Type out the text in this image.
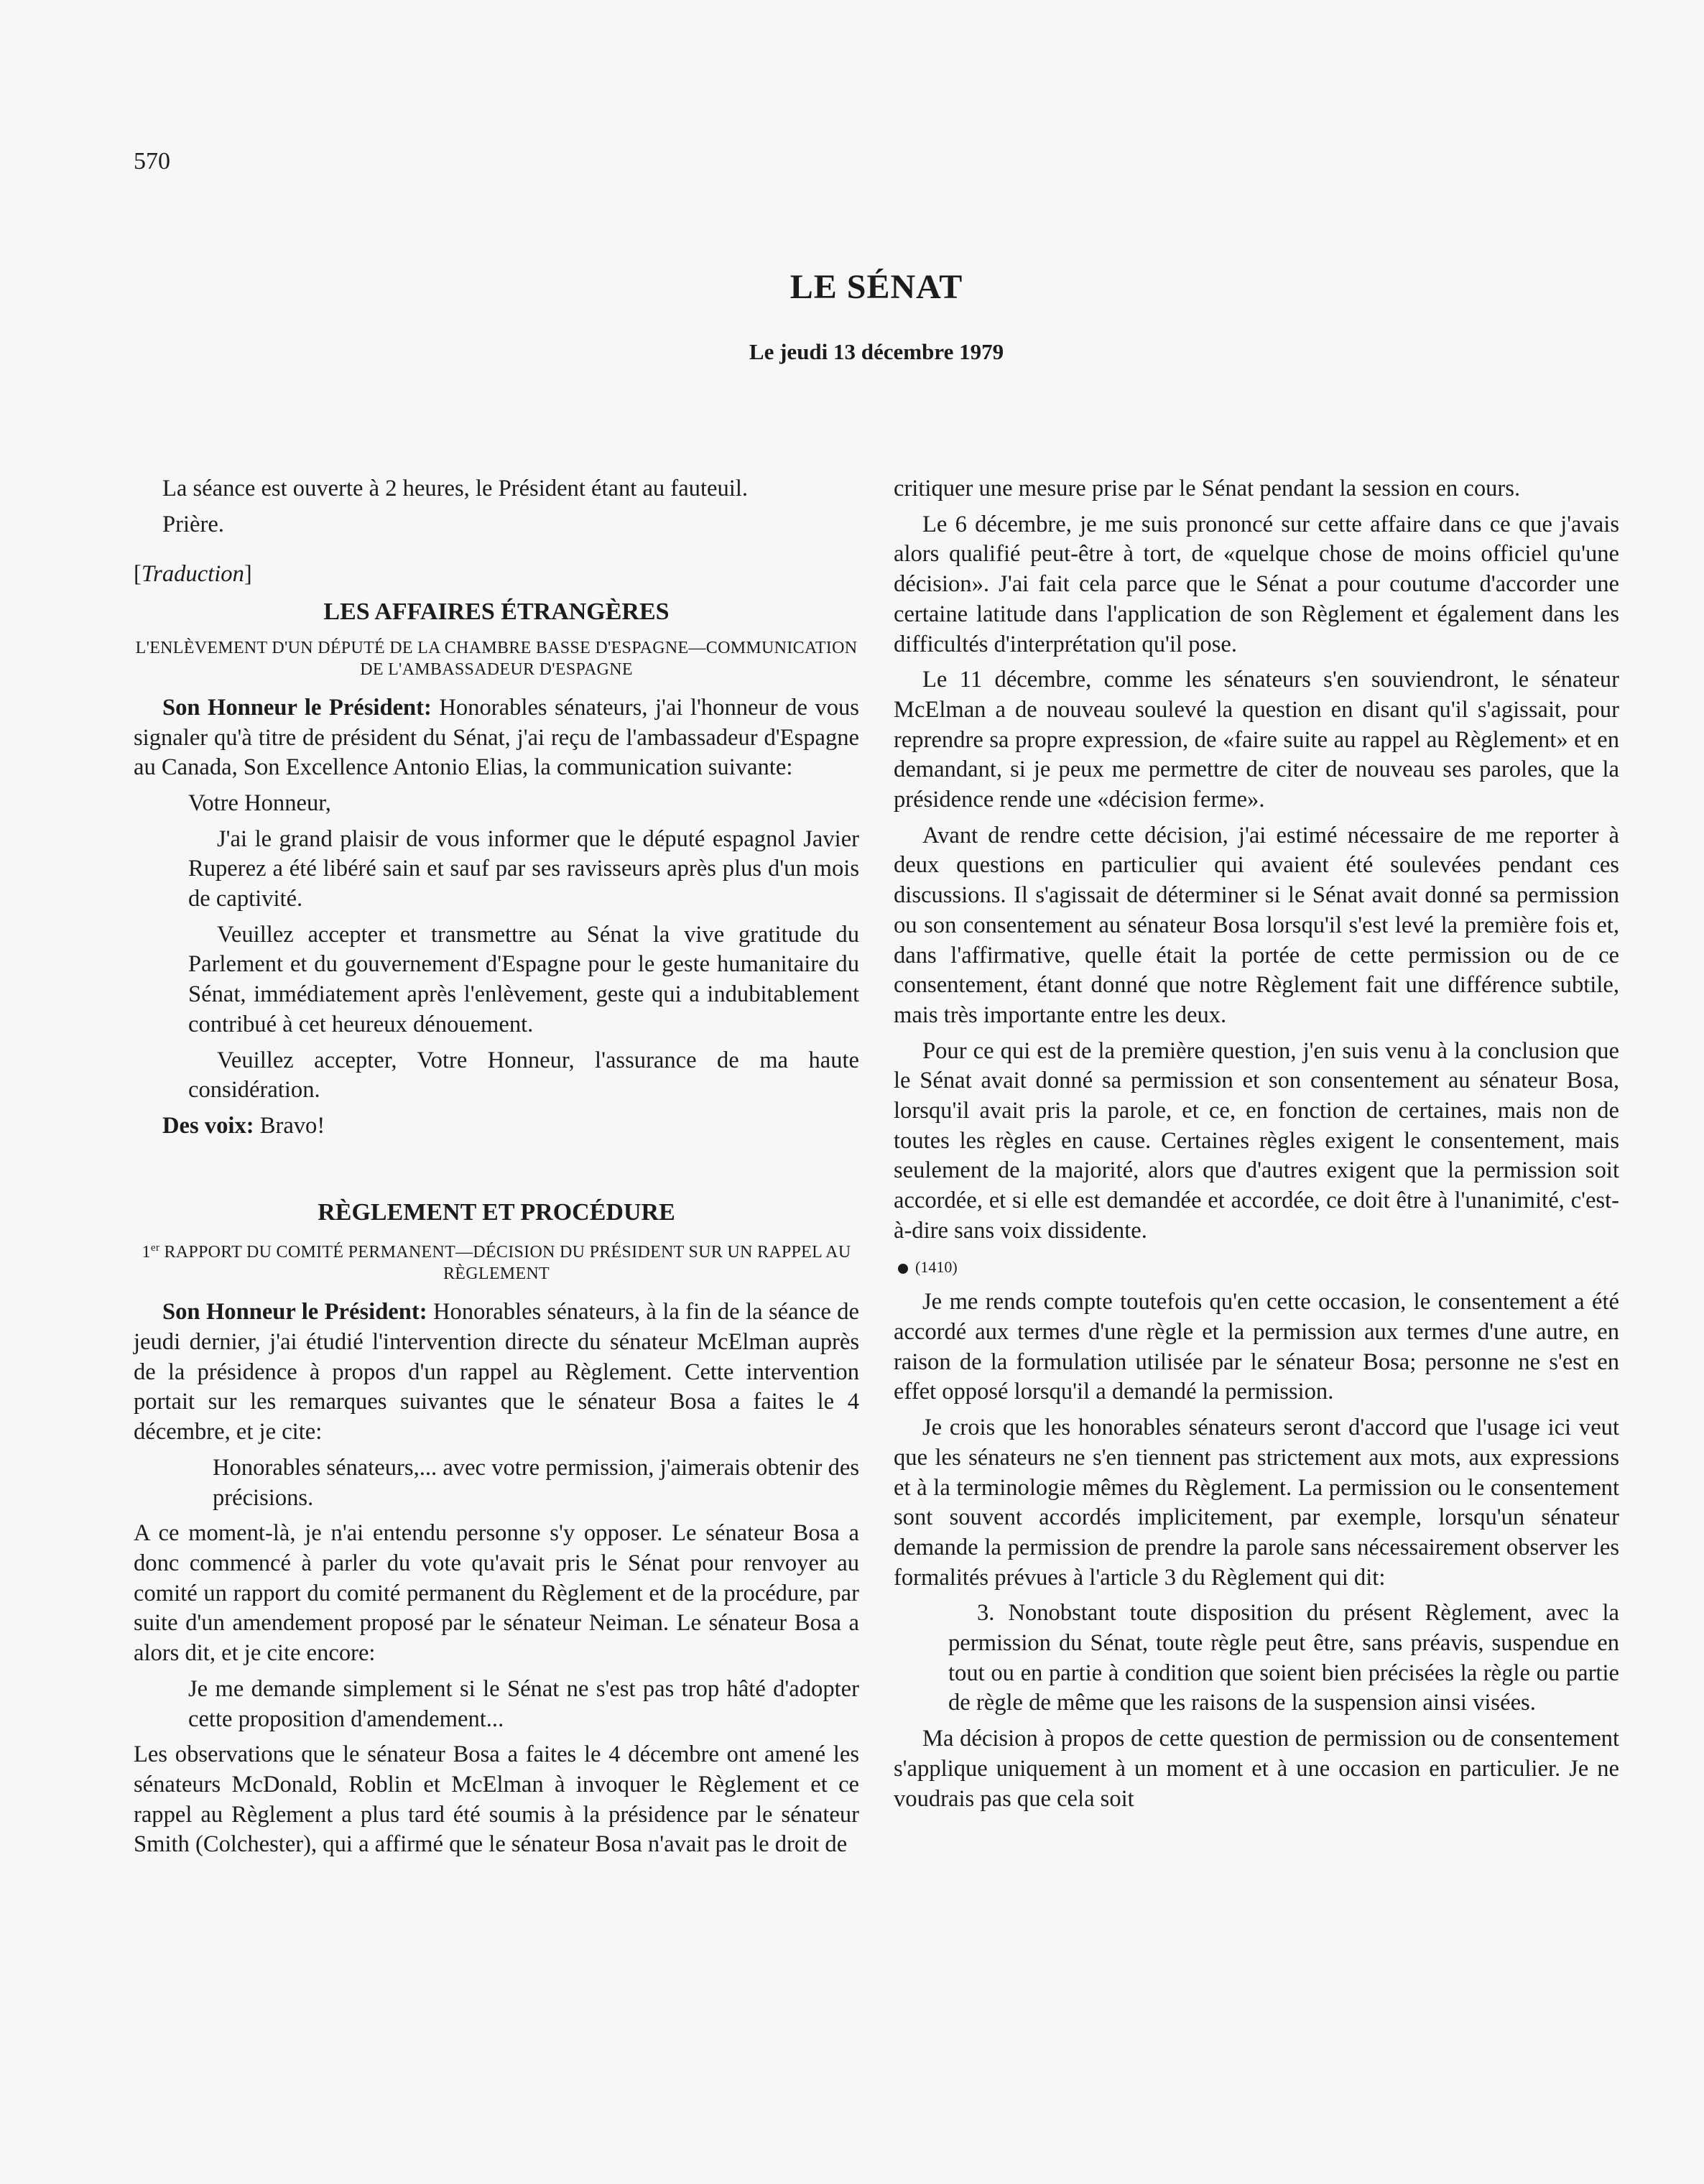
570
LE SÉNAT
Le jeudi 13 décembre 1979

La séance est ouverte à 2 heures, le Président étant au fauteuil.

Prière.

[Traduction]
LES AFFAIRES ÉTRANGÈRES
L'ENLÈVEMENT D'UN DÉPUTÉ DE LA CHAMBRE BASSE D'ESPAGNE—COMMUNICATION DE L'AMBASSADEUR D'ESPAGNE

Son Honneur le Président: Honorables sénateurs, j'ai l'honneur de vous signaler qu'à titre de président du Sénat, j'ai reçu de l'ambassadeur d'Espagne au Canada, Son Excellence Antonio Elias, la communication suivante:

Votre Honneur,

J'ai le grand plaisir de vous informer que le député espagnol Javier Ruperez a été libéré sain et sauf par ses ravisseurs après plus d'un mois de captivité.

Veuillez accepter et transmettre au Sénat la vive gratitude du Parlement et du gouvernement d'Espagne pour le geste humanitaire du Sénat, immédiatement après l'enlèvement, geste qui a indubitablement contribué à cet heureux dénouement.

Veuillez accepter, Votre Honneur, l'assurance de ma haute considération.

Des voix: Bravo!

RÈGLEMENT ET PROCÉDURE
1er RAPPORT DU COMITÉ PERMANENT—DÉCISION DU PRÉSIDENT SUR UN RAPPEL AU RÈGLEMENT

Son Honneur le Président: Honorables sénateurs, à la fin de la séance de jeudi dernier, j'ai étudié l'intervention directe du sénateur McElman auprès de la présidence à propos d'un rappel au Règlement. Cette intervention portait sur les remarques suivantes que le sénateur Bosa a faites le 4 décembre, et je cite:

Honorables sénateurs,... avec votre permission, j'aimerais obtenir des précisions.

A ce moment-là, je n'ai entendu personne s'y opposer. Le sénateur Bosa a donc commencé à parler du vote qu'avait pris le Sénat pour renvoyer au comité un rapport du comité permanent du Règlement et de la procédure, par suite d'un amendement proposé par le sénateur Neiman. Le sénateur Bosa a alors dit, et je cite encore:

Je me demande simplement si le Sénat ne s'est pas trop hâté d'adopter cette proposition d'amendement...

Les observations que le sénateur Bosa a faites le 4 décembre ont amené les sénateurs McDonald, Roblin et McElman à invoquer le Règlement et ce rappel au Règlement a plus tard été soumis à la présidence par le sénateur Smith (Colchester), qui a affirmé que le sénateur Bosa n'avait pas le droit de

critiquer une mesure prise par le Sénat pendant la session en cours.

Le 6 décembre, je me suis prononcé sur cette affaire dans ce que j'avais alors qualifié peut-être à tort, de «quelque chose de moins officiel qu'une décision». J'ai fait cela parce que le Sénat a pour coutume d'accorder une certaine latitude dans l'application de son Règlement et également dans les difficultés d'interprétation qu'il pose.

Le 11 décembre, comme les sénateurs s'en souviendront, le sénateur McElman a de nouveau soulevé la question en disant qu'il s'agissait, pour reprendre sa propre expression, de «faire suite au rappel au Règlement» et en demandant, si je peux me permettre de citer de nouveau ses paroles, que la présidence rende une «décision ferme».

Avant de rendre cette décision, j'ai estimé nécessaire de me reporter à deux questions en particulier qui avaient été soulevées pendant ces discussions. Il s'agissait de déterminer si le Sénat avait donné sa permission ou son consentement au sénateur Bosa lorsqu'il s'est levé la première fois et, dans l'affirmative, quelle était la portée de cette permission ou de ce consentement, étant donné que notre Règlement fait une différence subtile, mais très importante entre les deux.

Pour ce qui est de la première question, j'en suis venu à la conclusion que le Sénat avait donné sa permission et son consentement au sénateur Bosa, lorsqu'il avait pris la parole, et ce, en fonction de certaines, mais non de toutes les règles en cause. Certaines règles exigent le consentement, mais seulement de la majorité, alors que d'autres exigent que la permission soit accordée, et si elle est demandée et accordée, ce doit être à l'unanimité, c'est-à-dire sans voix dissidente.

(1410)

Je me rends compte toutefois qu'en cette occasion, le consentement a été accordé aux termes d'une règle et la permission aux termes d'une autre, en raison de la formulation utilisée par le sénateur Bosa; personne ne s'est en effet opposé lorsqu'il a demandé la permission.

Je crois que les honorables sénateurs seront d'accord que l'usage ici veut que les sénateurs ne s'en tiennent pas strictement aux mots, aux expressions et à la terminologie mêmes du Règlement. La permission ou le consentement sont souvent accordés implicitement, par exemple, lorsqu'un sénateur demande la permission de prendre la parole sans nécessairement observer les formalités prévues à l'article 3 du Règlement qui dit:

3. Nonobstant toute disposition du présent Règlement, avec la permission du Sénat, toute règle peut être, sans préavis, suspendue en tout ou en partie à condition que soient bien précisées la règle ou partie de règle de même que les raisons de la suspension ainsi visées.

Ma décision à propos de cette question de permission ou de consentement s'applique uniquement à un moment et à une occasion en particulier. Je ne voudrais pas que cela soit
